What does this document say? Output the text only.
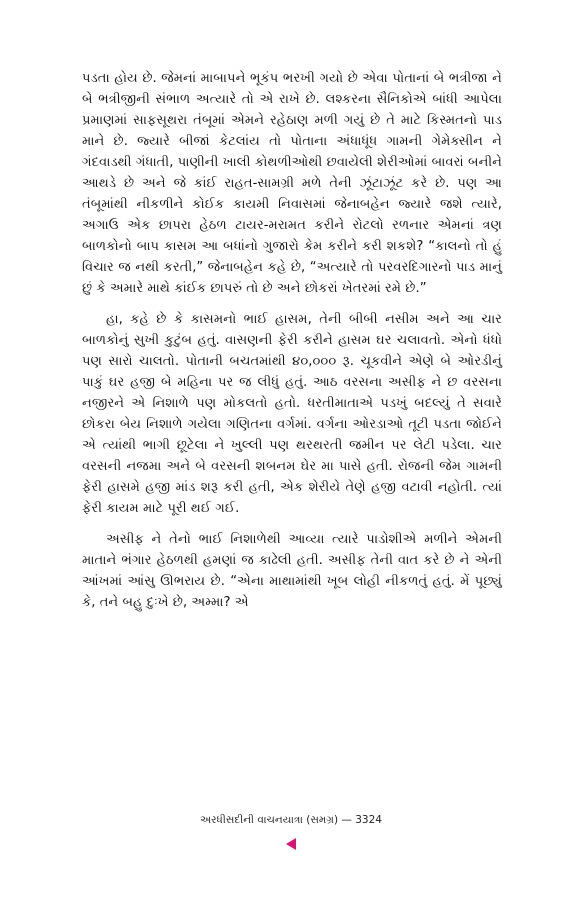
પડતા હોય છે. જેમનાં માબાપને ભૂકંપ ભરખી ગયો છે એવા પોતાનાં બે ભત્રીજા ને બે ભત્રીજીની સંભાળ અત્યારે તો એ રાખે છે. લશ્કરના સૈનિકોએ બાંધી આપેલા પ્રમાણમાં સાફસૂથરા તંબૂમાં એમને રહેઠાણ મળી ગયું છે તે માટે કિસ્મતનો પાડ માને છે. જ્યારે બીજાં કેટલાંય તો પોતાના અંધાધૂંધ ગામની ગેમેક્સીન ને ગંદવાડથી ગંધાતી, પાણીની ખાલી કોથળીઓથી છવાયેલી શેરીઓમાં બાવરાં બનીને આથડે છે અને જે કાંઈ રાહત-સામગ્રી મળે તેની ઝૂંટાઝૂંટ કરે છે. પણ આ તંબૂમાંથી નીકળીને કોઈક કાયમી નિવાસમાં જેનાબહેન જ્યારે જશે ત્યારે, અગાઉ એક છાપરા હેઠળ ટાયર-મરામત કરીને રોટલો રળનાર એમનાં ત્રણ બાળકોનો બાપ કાસમ આ બધાંનો ગુજારો કેમ કરીને કરી શકશે? “કાલનો તો હું વિચાર જ નથી કરતી,” જેનાબહેન કહે છે, “અત્યારે તો પરવરદિગારનો પાડ માનું છું કે અમારે માથે કાંઈક છાપરું તો છે અને છોકરાં ખેતરમાં રમે છે.”

હા, કહે છે કે કાસમનો ભાઈ હાસમ, તેની બીબી નસીમ અને આ ચાર બાળકોનું સુખી કુટુંબ હતું. વાસણની ફેરી કરીને હાસમ ઘર ચલાવતો. એનો ધંધો પણ સારો ચાલતો. પોતાની બચતમાંથી ૪૦,૦૦૦ રૂ. ચૂકવીને એણે બે ઓરડીનું પાકું ઘર હજી બે મહિના પર જ લીધું હતું. આઠ વરસના અસીફ ને છ વરસના નજીરને એ નિશાળે પણ મોકલતો હતો. ધરતીમાતાએ પડખું બદલ્યું તે સવારે છોકરા બેય નિશાળે ગયેલા ગણિતના વર્ગમાં. વર્ગના ઓરડાઓ તૂટી પડતા જોઈને એ ત્યાંથી ભાગી છૂટેલા ને ખુલ્લી પણ થરથરતી જમીન પર લેટી પડેલા. ચાર વરસની નજમા અને બે વરસની શબનમ ઘેર મા પાસે હતી. રોજની જેમ ગામની ફેરી હાસમે હજી માંડ શરૂ કરી હતી, એક શેરીયે તેણે હજી વટાવી નહોતી. ત્યાં ફેરી કાયમ માટે પૂરી થઈ ગઈ.

અસીફ ને તેનો ભાઈ નિશાળેથી આવ્યા ત્યારે પાડોશીએ મળીને એમની માતાને ભંગાર હેઠળથી હમણાં જ કાઢેલી હતી. અસીફ તેની વાત કરે છે ને એની આંખમાં આંસુ ઊભરાય છે. “એના માથામાંથી ખૂબ લોહી નીકળતું હતું. મેં પૂછ્યું કે, તને બહુ દુઃખે છે, અમ્મા? એ

અરધીસદીની વાચનયાત્રા (સમગ્ર) — 3324
